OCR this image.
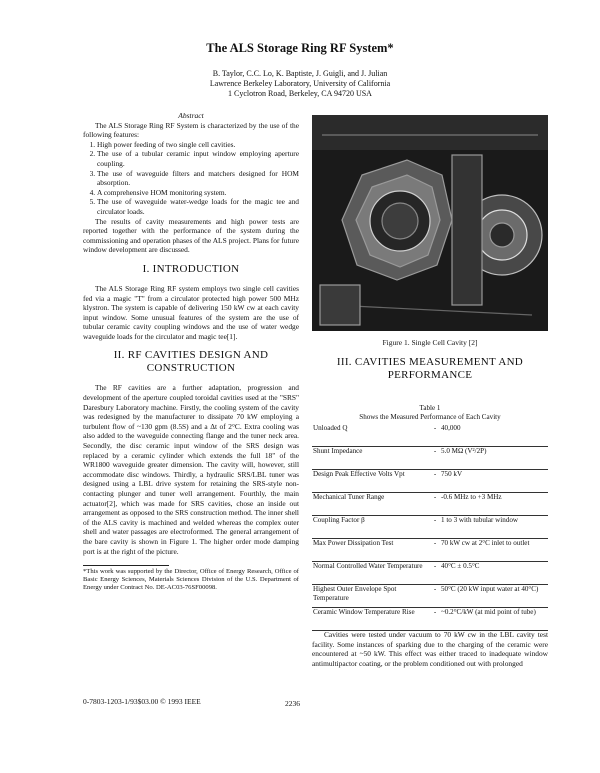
The ALS Storage Ring RF System*
B. Taylor, C.C. Lo, K. Baptiste, J. Guigli, and J. Julian
Lawrence Berkeley Laboratory, University of California
1 Cyclotron Road, Berkeley, CA 94720 USA
Abstract

The ALS Storage Ring RF System is characterized by the use of the following features:

1. High power feeding of two single cell cavities.
2. The use of a tubular ceramic input window employing aperture coupling.
3. The use of waveguide filters and matchers designed for HOM absorption.
4. A comprehensive HOM monitoring system.
5. The use of waveguide water-wedge loads for the magic tee and circulator loads.

The results of cavity measurements and high power tests are reported together with the performance of the system during the commissioning and operation phases of the ALS project. Plans for future window development are discussed.

I. INTRODUCTION

The ALS Storage Ring RF system employs two single cell cavities fed via a magic "T" from a circulator protected high power 500 MHz klystron. The system is capable of delivering 150 kW cw at each cavity input window. Some unusual features of the system are the use of tubular ceramic cavity coupling windows and the use of water wedge waveguide loads for the circulator and magic tee[1].

II. RF CAVITIES DESIGN AND CONSTRUCTION

The RF cavities are a further adaptation, progression and development of the aperture coupled toroidal cavities used at the "SRS" Daresbury Laboratory machine. Firstly, the cooling system of the cavity was redesigned by the manufacturer to dissipate 70 kW employing a turbulent flow of ~130 gpm (8.5S) and a Δt of 2°C. Extra cooling was also added to the waveguide connecting flange and the tuner neck area. Secondly, the disc ceramic input window of the SRS design was replaced by a ceramic cylinder which extends the full 18" of the WR1800 waveguide greater dimension. The cavity will, however, still accommodate disc windows. Thirdly, a hydraulic SRS/LBL tuner was designed using a LBL drive system for retaining the SRS-style non-contacting plunger and tuner well arrangement. Fourthly, the main actuator[2], which was made for SRS cavities, chose an inside out arrangement as opposed to the SRS construction method. The inner shell of the ALS cavity is machined and welded whereas the complex outer shell and water passages are electroformed. The general arrangement of the bare cavity is shown in Figure 1. The higher order mode damping port is at the right of the picture.

*This work was supported by the Director, Office of Energy Research, Office of Basic Energy Sciences, Materials Sciences Division of the U.S. Department of Energy under Contract No. DE-AC03-76SF00098.
Figure 1. Single Cell Cavity [2]
III. CAVITIES MEASUREMENT AND PERFORMANCE
Table 1
Shows the Measured Performance of Each Cavity
Unloaded Q	-	40,000
Shunt Impedance	-	5.0 MΩ (V²/2P)
Design Peak Effective Volts Vpt	-	750 kV
Mechanical Tuner Range	-	-0.6 MHz to +3 MHz
Coupling Factor β	-	1 to 3 with tubular window
Max Power Dissipation Test	-	70 kW cw at 2°C inlet to outlet
Normal Controlled Water Temperature	-	40°C ± 0.5°C
Highest Outer Envelope Spot Temperature	-	50°C (20 kW input water at 40°C)
Ceramic Window Temperature Rise	-	~0.2°C/kW (at mid point of tube)

Cavities were tested under vacuum to 70 kW cw in the LBL cavity test facility. Some instances of sparking due to the charging of the ceramic were encountered at ~50 kW. This effect was either traced to inadequate window antimultipactor coating, or the problem conditioned out with prolonged

0-7803-1203-1/93$03.00 © 1993 IEEE	2236
